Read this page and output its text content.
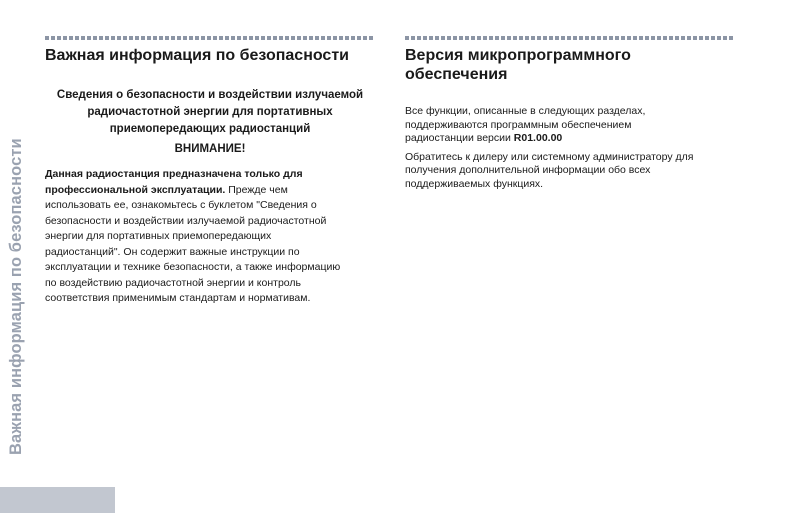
Важная информация по безопасности
Важная информация по безопасности
Сведения о безопасности и воздействии излучаемой радиочастотной энергии для портативных приемопередающих радиостанций
ВНИМАНИЕ!

Данная радиостанция предназначена только для профессиональной эксплуатации. Прежде чем использовать ее, ознакомьтесь с буклетом "Сведения о безопасности и воздействии излучаемой радиочастотной энергии для портативных приемопередающих радиостанций". Он содержит важные инструкции по эксплуатации и технике безопасности, а также информацию по воздействию радиочастотной энергии и контроль соответствия применимым стандартам и нормативам.

Версия микропрограммного обеспечения

Все функции, описанные в следующих разделах, поддерживаются программным обеспечением радиостанции версии R01.00.00

Обратитесь к дилеру или системному администратору для получения дополнительной информации обо всех поддерживаемых функциях.
